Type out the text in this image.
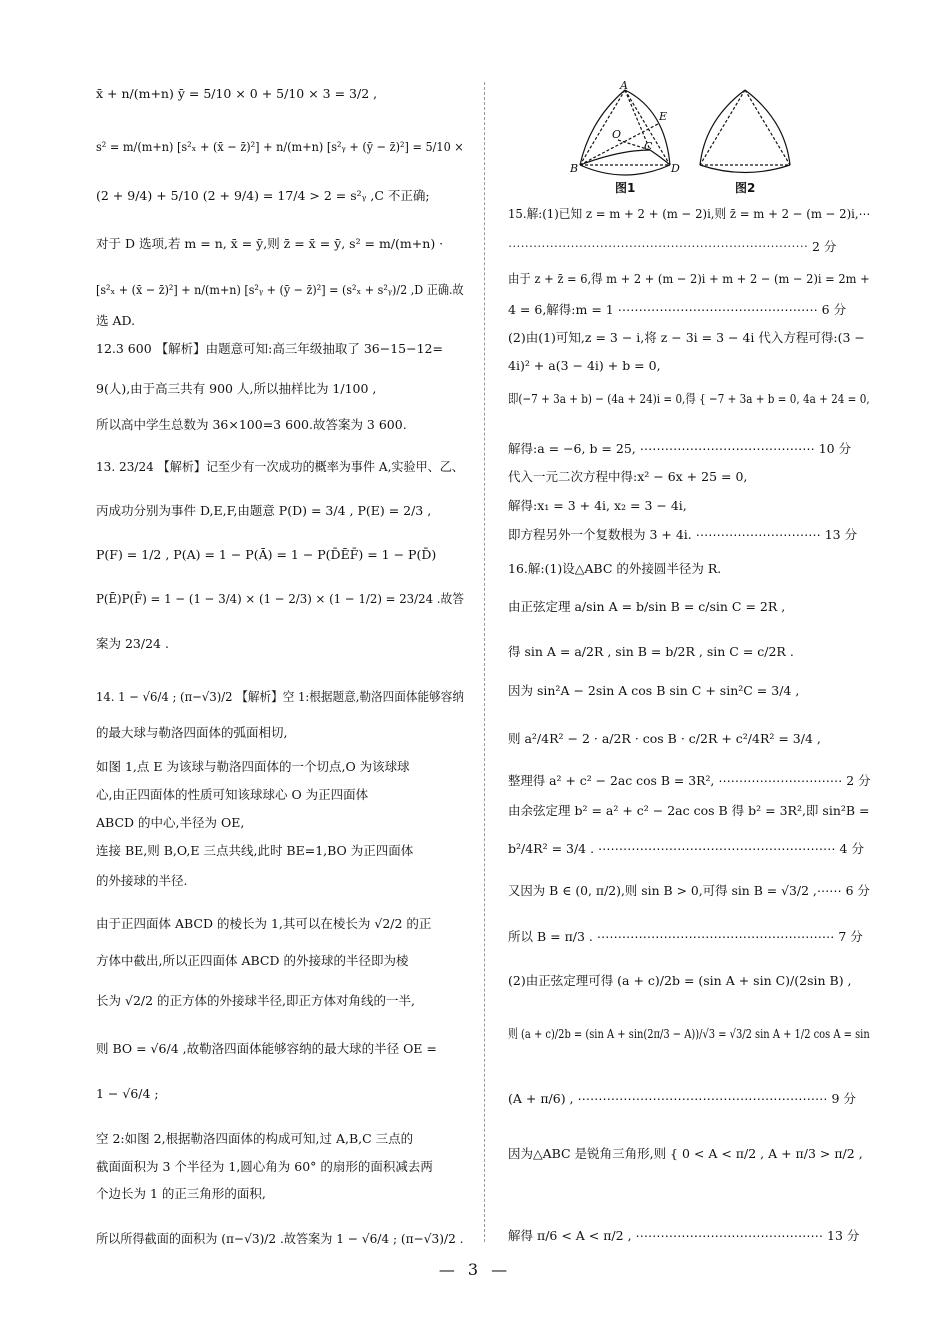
x̄ + n/(m+n) ȳ = 5/10 × 0 + 5/10 × 3 = 3/2 ,
s² = m/(m+n) [s²ₓ + (x̄ − z̄)²] + n/(m+n) [s²ᵧ + (ȳ − z̄)²] = 5/10 ×
(2 + 9/4) + 5/10 (2 + 9/4) = 17/4 > 2 = s²ᵧ ,C 不正确;
对于 D 选项,若 m = n, x̄ = ȳ,则 z̄ = x̄ = ȳ, s² = m/(m+n) ·
[s²ₓ + (x̄ − z̄)²] + n/(m+n) [s²ᵧ + (ȳ − z̄)²] = (s²ₓ + s²ᵧ)/2 ,D 正确.故
选 AD.
12.3 600 【解析】由题意可知:高三年级抽取了 36−15−12=
9(人),由于高三共有 900 人,所以抽样比为 1/100 ,
所以高中学生总数为 36×100=3 600.故答案为 3 600.
13. 23/24 【解析】记至少有一次成功的概率为事件 A,实验甲、乙、
丙成功分别为事件 D,E,F,由题意 P(D) = 3/4 , P(E) = 2/3 ,
P(F) = 1/2 , P(A) = 1 − P(Ā) = 1 − P(D̄ĒF̄) = 1 − P(D̄)
P(Ē)P(F̄) = 1 − (1 − 3/4) × (1 − 2/3) × (1 − 1/2) = 23/24 .故答
案为 23/24 .
14. 1 − √6/4 ; (π−√3)/2 【解析】空 1:根据题意,勒洛四面体能够容纳
的最大球与勒洛四面体的弧面相切,
如图 1,点 E 为该球与勒洛四面体的一个切点,O 为该球球
心,由正四面体的性质可知该球球心 O 为正四面体
ABCD 的中心,半径为 OE,
连接 BE,则 B,O,E 三点共线,此时 BE=1,BO 为正四面体
的外接球的半径.
由于正四面体 ABCD 的棱长为 1,其可以在棱长为 √2/2 的正
方体中截出,所以正四面体 ABCD 的外接球的半径即为棱
长为 √2/2 的正方体的外接球半径,即正方体对角线的一半,
则 BO = √6/4 ,故勒洛四面体能够容纳的最大球的半径 OE =
1 − √6/4 ;
空 2:如图 2,根据勒洛四面体的构成可知,过 A,B,C 三点的
截面面积为 3 个半径为 1,圆心角为 60° 的扇形的面积减去两
个边长为 1 的正三角形的面积,
所以所得截面的面积为 (π−√3)/2 .故答案为 1 − √6/4 ; (π−√3)/2 .
A
B
C
D
E
O
图1	图2
15.解:(1)已知 z = m + 2 + (m − 2)i,则 z̄ = m + 2 − (m − 2)i,⋯
⋯⋯⋯⋯⋯⋯⋯⋯⋯⋯⋯⋯⋯⋯⋯⋯⋯⋯⋯⋯⋯⋯⋯⋯ 2 分
由于 z + z̄ = 6,得 m + 2 + (m − 2)i + m + 2 − (m − 2)i = 2m +
4 = 6,解得:m = 1 ⋯⋯⋯⋯⋯⋯⋯⋯⋯⋯⋯⋯⋯⋯⋯⋯ 6 分
(2)由(1)可知,z = 3 − i,将 z − 3i = 3 − 4i 代入方程可得:(3 −
4i)² + a(3 − 4i) + b = 0,
即(−7 + 3a + b) − (4a + 24)i = 0,得 { −7 + 3a + b = 0, 4a + 24 = 0,
解得:a = −6, b = 25, ⋯⋯⋯⋯⋯⋯⋯⋯⋯⋯⋯⋯⋯⋯ 10 分
代入一元二次方程中得:x² − 6x + 25 = 0,
解得:x₁ = 3 + 4i, x₂ = 3 − 4i,
即方程另外一个复数根为 3 + 4i. ⋯⋯⋯⋯⋯⋯⋯⋯⋯⋯ 13 分
16.解:(1)设△ABC 的外接圆半径为 R.
由正弦定理 a/sin A = b/sin B = c/sin C = 2R ,
得 sin A = a/2R , sin B = b/2R , sin C = c/2R .
因为 sin²A − 2sin A cos B sin C + sin²C = 3/4 ,
则 a²/4R² − 2 · a/2R · cos B · c/2R + c²/4R² = 3/4 ,
整理得 a² + c² − 2ac cos B = 3R², ⋯⋯⋯⋯⋯⋯⋯⋯⋯⋯ 2 分
由余弦定理 b² = a² + c² − 2ac cos B 得 b² = 3R²,即 sin²B =
b²/4R² = 3/4 . ⋯⋯⋯⋯⋯⋯⋯⋯⋯⋯⋯⋯⋯⋯⋯⋯⋯⋯⋯ 4 分
又因为 B ∈ (0, π/2),则 sin B > 0,可得 sin B = √3/2 ,⋯⋯ 6 分
所以 B = π/3 . ⋯⋯⋯⋯⋯⋯⋯⋯⋯⋯⋯⋯⋯⋯⋯⋯⋯⋯⋯ 7 分
(2)由正弦定理可得 (a + c)/2b = (sin A + sin C)/(2sin B) ,
则 (a + c)/2b = (sin A + sin(2π/3 − A))/√3 = √3/2 sin A + 1/2 cos A = sin
(A + π/6) , ⋯⋯⋯⋯⋯⋯⋯⋯⋯⋯⋯⋯⋯⋯⋯⋯⋯⋯⋯⋯ 9 分
因为△ABC 是锐角三角形,则 { 0 < A < π/2 , A + π/3 > π/2 ,
解得 π/6 < A < π/2 , ⋯⋯⋯⋯⋯⋯⋯⋯⋯⋯⋯⋯⋯⋯⋯ 13 分
— 3 —
